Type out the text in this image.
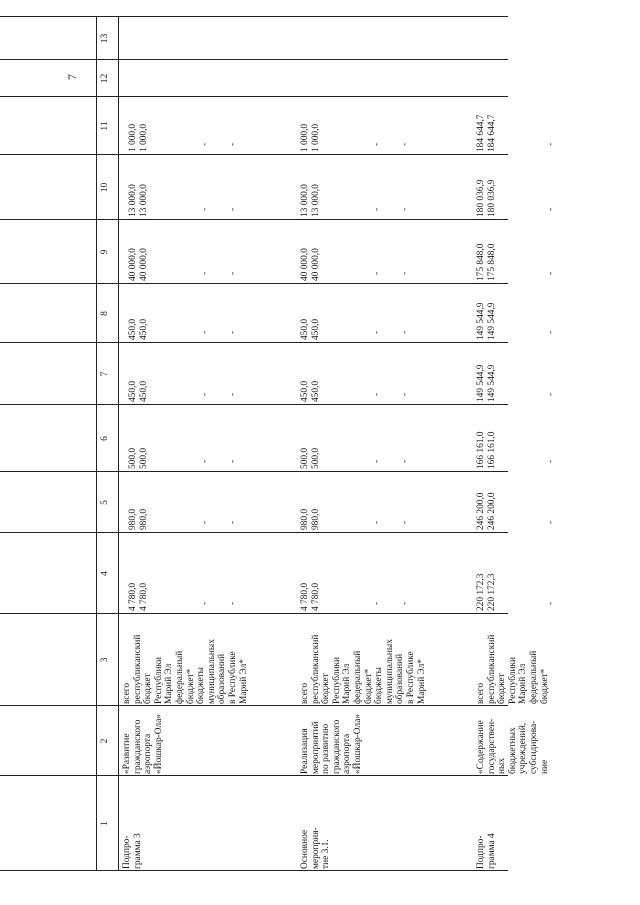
7
1
2
3
4
5
6
7
8
9
10
11
12
13
Подпро-
грамма 3
«Развитие
гражданского
аэропорта
«Йошкар-Ола»
всего
республиканский
бюджет
Республики
Марий Эл
федеральный
бюджет*
бюджеты
муниципальных
образований
в Республике
Марий Эл*
4 780,0
4 780,0
980,0
980,0
500,0
500,0
450,0
450,0
450,0
450,0
40 000,0
40 000,0
13 000,0
13 000,0
1 000,0
1 000,0
-
-
-
-
-
-
-
-
-
-
-
-
-
-
-
-
Основное
мероприя-
тие 3.1.
Реализация
мероприятий
по развитию
гражданского
аэропорта
«Йошкар-Ола»
всего
республиканский
бюджет
Республики
Марий Эл
федеральный
бюджет*
бюджеты
муниципальных
образований
в Республике
Марий Эл*
4 780,0
4 780,0
980,0
980,0
500,0
500,0
450,0
450,0
450,0
450,0
40 000,0
40 000,0
13 000,0
13 000,0
1 000,0
1 000,0
-
-
-
-
-
-
-
-
-
-
-
-
-
-
-
-
Подпро-
грамма 4
«Содержание
государствен-
ных
бюджетных
учреждений,
субсидирова-
ние
всего
республиканский
бюджет
Республики
Марий Эл
федеральный
бюджет*
220 172,3
220 172,3
246 200,0
246 200,0
166 161,0
166 161,0
149 544,9
149 544,9
149 544,9
149 544,9
175 848,0
175 848,0
180 036,9
180 036,9
184 644,7
184 644,7
-
-
-
-
-
-
-
-
